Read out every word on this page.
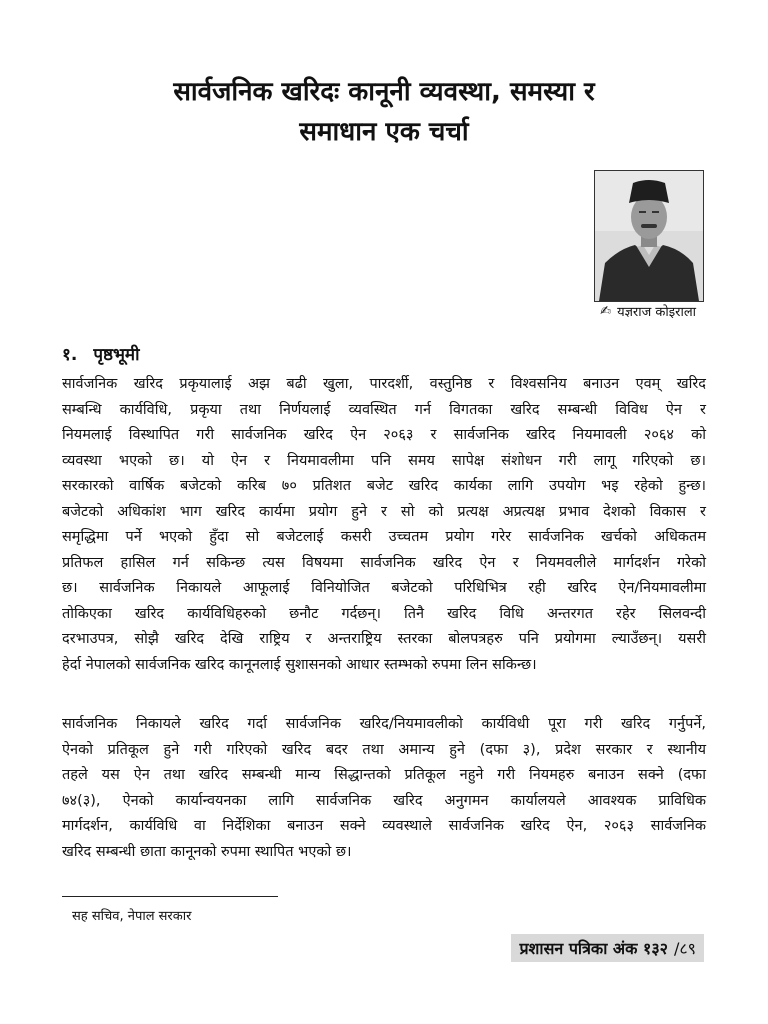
सार्वजनिक खरिदः कानूनी व्यवस्था, समस्या र
समाधान एक चर्चा
✍ यज्ञराज कोइराला
१. पृष्ठभूमी
सार्वजनिक खरिद प्रकृयालाई अझ बढी खुला, पारदर्शी, वस्तुनिष्ठ र विश्वसनिय बनाउन एवम् खरिद
सम्बन्धि कार्यविधि, प्रकृया तथा निर्णयलाई व्यवस्थित गर्न विगतका खरिद सम्बन्धी विविध ऐन र
नियमलाई विस्थापित गरी सार्वजनिक खरिद ऐन २०६३ र सार्वजनिक खरिद नियमावली २०६४ को
व्यवस्था भएको छ। यो ऐन र नियमावलीमा पनि समय सापेक्ष संशोधन गरी लागू गरिएको छ।
सरकारको वार्षिक बजेटको करिब ७० प्रतिशत बजेट खरिद कार्यका लागि उपयोग भइ रहेको हुन्छ।
बजेटको अधिकांश भाग खरिद कार्यमा प्रयोग हुने र सो को प्रत्यक्ष अप्रत्यक्ष प्रभाव देशको विकास र
समृद्धिमा पर्ने भएको हुँदा सो बजेटलाई कसरी उच्चतम प्रयोग गरेर सार्वजनिक खर्चको अधिकतम
प्रतिफल हासिल गर्न सकिन्छ त्यस विषयमा सार्वजनिक खरिद ऐन र नियमवलीले मार्गदर्शन गरेको
छ। सार्वजनिक निकायले आफूलाई विनियोजित बजेटको परिधिभित्र रही खरिद ऐन/नियमावलीमा
तोकिएका खरिद कार्यविधिहरुको छनौट गर्दछन्। तिनै खरिद विधि अन्तरगत रहेर सिलवन्दी
दरभाउपत्र, सोझै खरिद देखि राष्ट्रिय र अन्तराष्ट्रिय स्तरका बोलपत्रहरु पनि प्रयोगमा ल्याउँछन्। यसरी
हेर्दा नेपालको सार्वजनिक खरिद कानूनलाई सुशासनको आधार स्तम्भको रुपमा लिन सकिन्छ।
सार्वजनिक निकायले खरिद गर्दा सार्वजनिक खरिद/नियमावलीको कार्यविधी पूरा गरी खरिद गर्नुपर्ने,
ऐनको प्रतिकूल हुने गरी गरिएको खरिद बदर तथा अमान्य हुने (दफा ३), प्रदेश सरकार र स्थानीय
तहले यस ऐन तथा खरिद सम्बन्धी मान्य सिद्धान्तको प्रतिकूल नहुने गरी नियमहरु बनाउन सक्ने (दफा
७४(३), ऐनको कार्यान्वयनका लागि सार्वजनिक खरिद अनुगमन कार्यालयले आवश्यक प्राविधिक
मार्गदर्शन, कार्यविधि वा निर्देशिका बनाउन सक्ने व्यवस्थाले सार्वजनिक खरिद ऐन, २०६३ सार्वजनिक
खरिद सम्बन्धी छाता कानूनको रुपमा स्थापित भएको छ।
सह सचिव, नेपाल सरकार
प्रशासन पत्रिका अंक १३२ /८९
